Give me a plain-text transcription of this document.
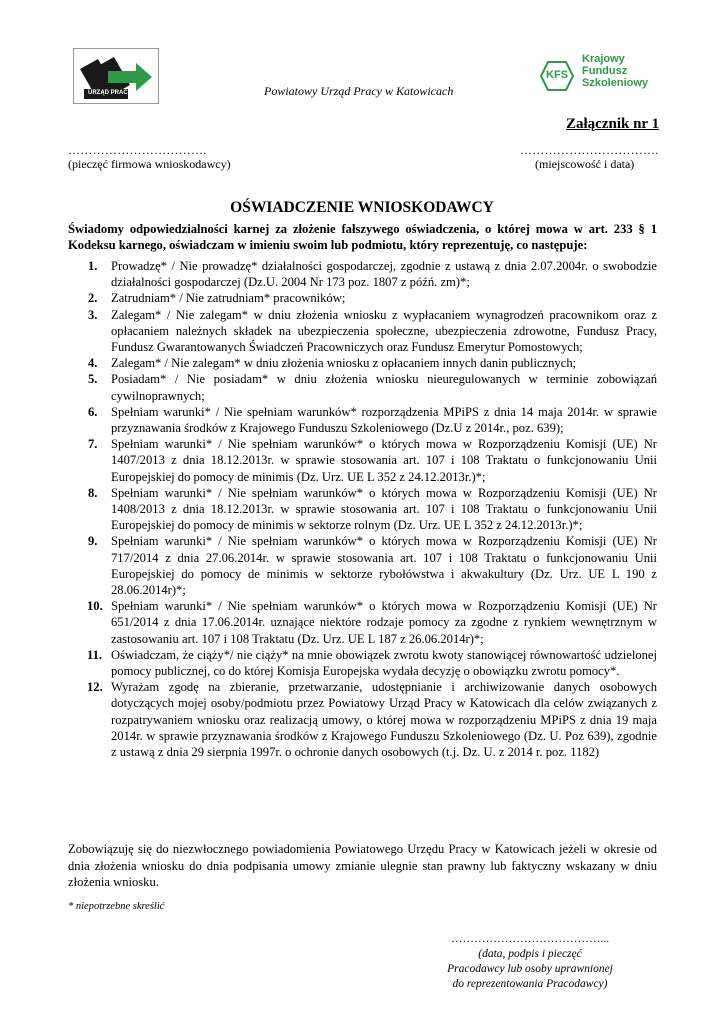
URZĄD PRACY	Powiatowy Urząd Pracy w Katowicach
KFS
Krajowy
Fundusz
Szkoleniowy
Załącznik nr 1
…………………………….
(pieczęć firmowa wnioskodawcy)
…………………………….
(miejscowość i data)
OŚWIADCZENIE WNIOSKODAWCY
Świadomy odpowiedzialności karnej za złożenie fałszywego oświadczenia, o której mowa w art. 233 § 1 Kodeksu karnego, oświadczam w imieniu swoim lub podmiotu, który reprezentuję, co następuje:
1. Prowadzę* / Nie prowadzę* działalności gospodarczej, zgodnie z ustawą z dnia 2.07.2004r. o swobodzie działalności gospodarczej (Dz.U. 2004 Nr 173 poz. 1807 z późń. zm)*;
2. Zatrudniam* / Nie zatrudniam* pracowników;
3. Zalegam* / Nie zalegam* w dniu złożenia wniosku z wypłacaniem wynagrodzeń pracownikom oraz z opłacaniem należnych składek na ubezpieczenia społeczne, ubezpieczenia zdrowotne, Fundusz Pracy, Fundusz Gwarantowanych Świadczeń Pracowniczych oraz Fundusz Emerytur Pomostowych;
4. Zalegam* / Nie zalegam* w dniu złożenia wniosku z opłacaniem innych danin publicznych;
5. Posiadam* / Nie posiadam* w dniu złożenia wniosku nieuregulowanych w terminie zobowiązań cywilnoprawnych;
6. Spełniam warunki* / Nie spełniam warunków* rozporządzenia MPiPS z dnia 14 maja 2014r. w sprawie przyznawania środków z Krajowego Funduszu Szkoleniowego (Dz.U z 2014r., poz. 639);
7. Spełniam warunki* / Nie spełniam warunków* o których mowa w Rozporządzeniu Komisji (UE) Nr 1407/2013 z dnia 18.12.2013r. w sprawie stosowania art. 107 i 108 Traktatu o funkcjonowaniu Unii Europejskiej do pomocy de minimis (Dz. Urz. UE L 352 z 24.12.2013r.)*;
8. Spełniam warunki* / Nie spełniam warunków* o których mowa w Rozporządzeniu Komisji (UE) Nr 1408/2013 z dnia 18.12.2013r. w sprawie stosowania art. 107 i 108 Traktatu o funkcjonowaniu Unii Europejskiej do pomocy de minimis w sektorze rolnym (Dz. Urz. UE L 352 z 24.12.2013r.)*;
9. Spełniam warunki* / Nie spełniam warunków* o których mowa w Rozporządzeniu Komisji (UE) Nr 717/2014 z dnia 27.06.2014r. w sprawie stosowania art. 107 i 108 Traktatu o funkcjonowaniu Unii Europejskiej do pomocy de minimis w sektorze rybołówstwa i akwakultury (Dz. Urz. UE L 190 z 28.06.2014r)*;
10. Spełniam warunki* / Nie spełniam warunków* o których mowa w Rozporządzeniu Komisji (UE) Nr 651/2014 z dnia 17.06.2014r. uznające niektóre rodzaje pomocy za zgodne z rynkiem wewnętrznym w zastosowaniu art. 107 i 108 Traktatu (Dz. Urz. UE L 187 z 26.06.2014r)*;
11. Oświadczam, że ciąży*/ nie ciąży* na mnie obowiązek zwrotu kwoty stanowiącej równowartość udzielonej pomocy publicznej, co do której Komisja Europejska wydała decyzję o obowiązku zwrotu pomocy*.
12. Wyrażam zgodę na zbieranie, przetwarzanie, udostępnianie i archiwizowanie danych osobowych dotyczących mojej osoby/podmiotu przez Powiatowy Urząd Pracy w Katowicach dla celów związanych z rozpatrywaniem wniosku oraz realizacją umowy, o której mowa w rozporządzeniu MPiPS z dnia 19 maja 2014r. w sprawie przyznawania środków z Krajowego Funduszu Szkoleniowego (Dz. U. Poz 639), zgodnie z ustawą z dnia 29 sierpnia 1997r. o ochronie danych osobowych (t.j. Dz. U. z 2014 r. poz. 1182)
Zobowiązuję się do niezwłocznego powiadomienia Powiatowego Urzędu Pracy w Katowicach jeżeli w okresie od dnia złożenia wniosku do dnia podpisania umowy zmianie ulegnie stan prawny lub faktyczny wskazany w dniu złożenia wniosku.
* niepotrzebne skreślić
…………………………………...
(data, podpis i pieczęć
Pracodawcy lub osoby uprawnionej
do reprezentowania Pracodawcy)
